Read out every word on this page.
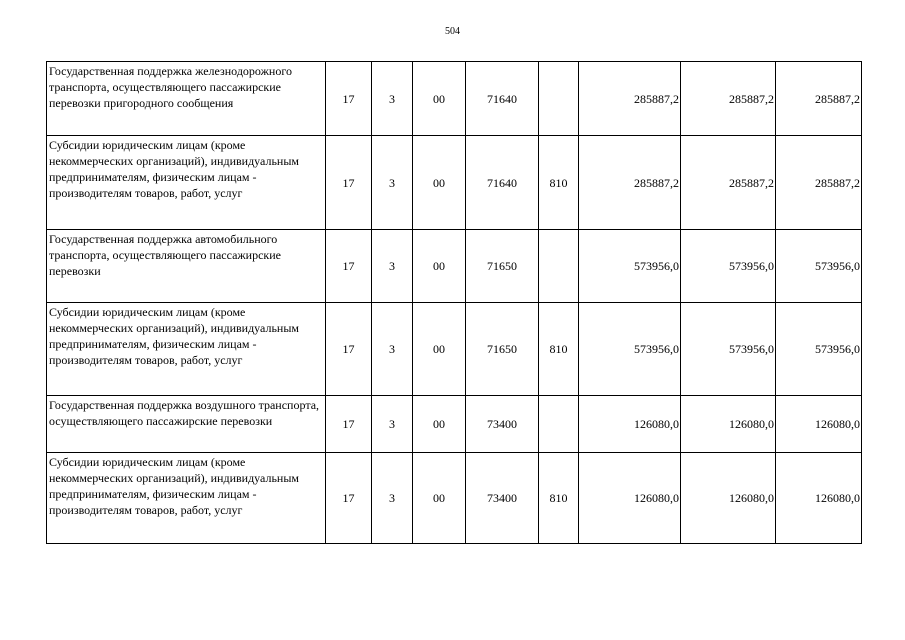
504
Государственная поддержка железнодорожного транспорта, осуществляющего пассажирские перевозки пригородного сообщения	17	3	00	71640		285887,2	285887,2	285887,2
Субсидии юридическим лицам (кроме некоммерческих организаций), индивидуальным предпринимателям, физическим лицам - производителям товаров, работ, услуг	17	3	00	71640	810	285887,2	285887,2	285887,2
Государственная поддержка автомобильного транспорта, осуществляющего пассажирские перевозки	17	3	00	71650		573956,0	573956,0	573956,0
Субсидии юридическим лицам (кроме некоммерческих организаций), индивидуальным предпринимателям, физическим лицам - производителям товаров, работ, услуг	17	3	00	71650	810	573956,0	573956,0	573956,0
Государственная поддержка воздушного транспорта, осуществляющего пассажирские перевозки	17	3	00	73400		126080,0	126080,0	126080,0
Субсидии юридическим лицам (кроме некоммерческих организаций), индивидуальным предпринимателям, физическим лицам - производителям товаров, работ, услуг	17	3	00	73400	810	126080,0	126080,0	126080,0
